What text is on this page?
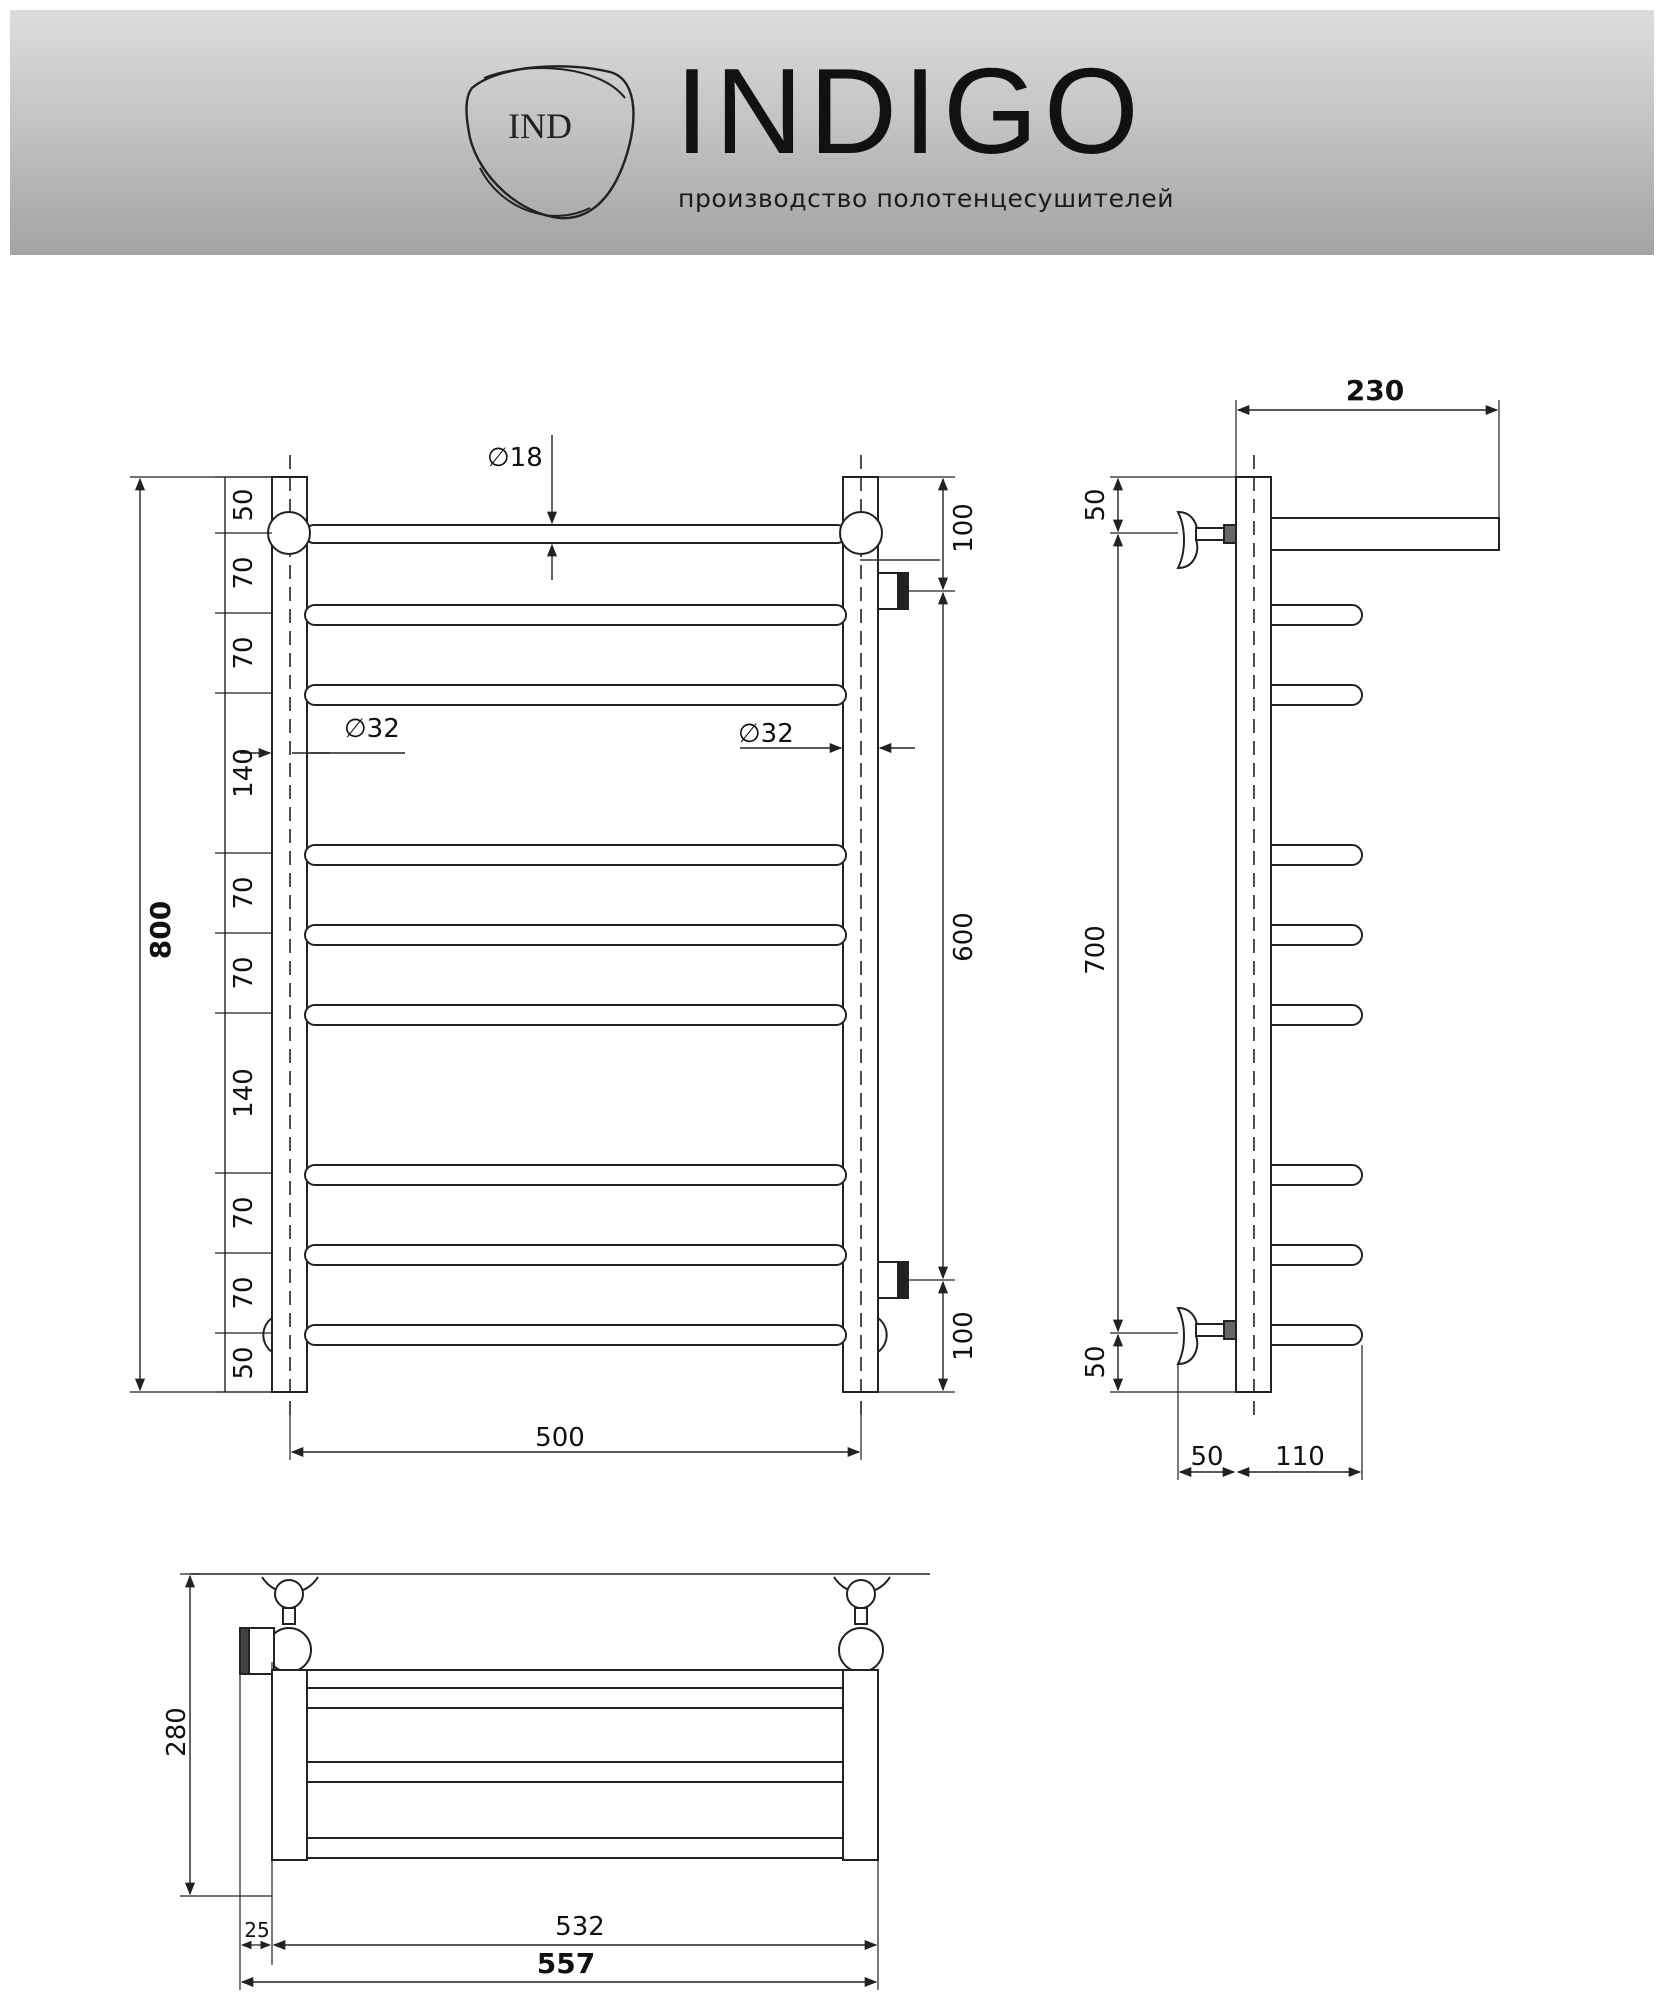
IND INDIGO
производство полотенцесушителей
800
50
70
70
140
70
70
140
70
70
50
∅18
∅32	∅32
500
100
600
100
230
50
700
50
50 110
280
25	532
557
